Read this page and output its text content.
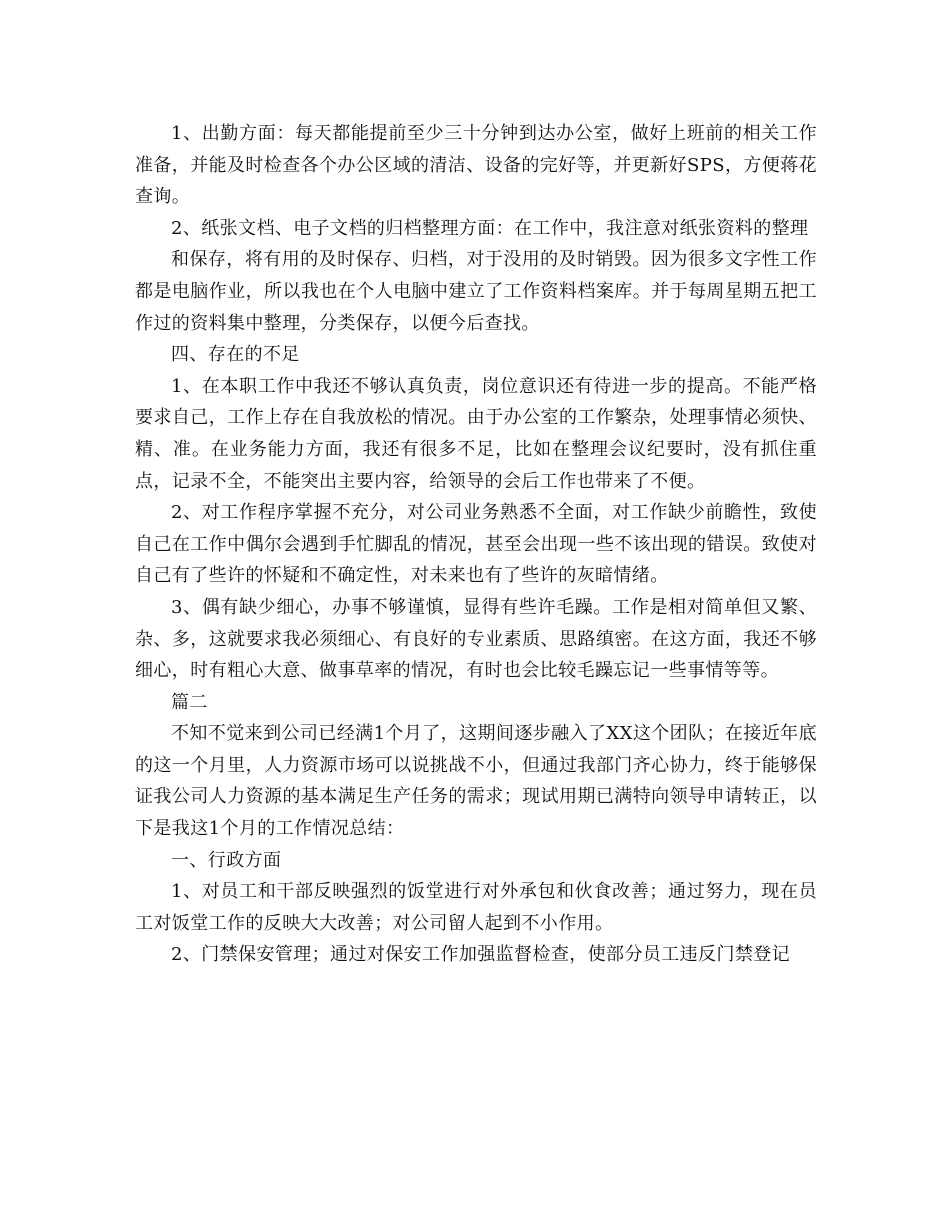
1、出勤方面：每天都能提前至少三十分钟到达办公室，做好上班前的相关工作准备，并能及时检查各个办公区域的清洁、设备的完好等，并更新好SPS，方便蒋花查询。

2、纸张文档、电子文档的归档整理方面：在工作中，我注意对纸张资料的整理

和保存，将有用的及时保存、归档，对于没用的及时销毁。因为很多文字性工作都是电脑作业，所以我也在个人电脑中建立了工作资料档案库。并于每周星期五把工作过的资料集中整理，分类保存，以便今后查找。

四、存在的不足

1、在本职工作中我还不够认真负责，岗位意识还有待进一步的提高。不能严格要求自己，工作上存在自我放松的情况。由于办公室的工作繁杂，处理事情必须快、精、准。在业务能力方面，我还有很多不足，比如在整理会议纪要时，没有抓住重点，记录不全，不能突出主要内容，给领导的会后工作也带来了不便。

2、对工作程序掌握不充分，对公司业务熟悉不全面，对工作缺少前瞻性，致使自己在工作中偶尔会遇到手忙脚乱的情况，甚至会出现一些不该出现的错误。致使对自己有了些许的怀疑和不确定性，对未来也有了些许的灰暗情绪。

3、偶有缺少细心，办事不够谨慎，显得有些许毛躁。工作是相对简单但又繁、杂、多，这就要求我必须细心、有良好的专业素质、思路缜密。在这方面，我还不够细心，时有粗心大意、做事草率的情况，有时也会比较毛躁忘记一些事情等等。

篇二

不知不觉来到公司已经满1个月了，这期间逐步融入了XX这个团队；在接近年底的这一个月里，人力资源市场可以说挑战不小，但通过我部门齐心协力，终于能够保证我公司人力资源的基本满足生产任务的需求；现试用期已满特向领导申请转正，以下是我这1个月的工作情况总结：

一、行政方面

1、对员工和干部反映强烈的饭堂进行对外承包和伙食改善；通过努力，现在员工对饭堂工作的反映大大改善；对公司留人起到不小作用。

2、门禁保安管理；通过对保安工作加强监督检查，使部分员工违反门禁登记
